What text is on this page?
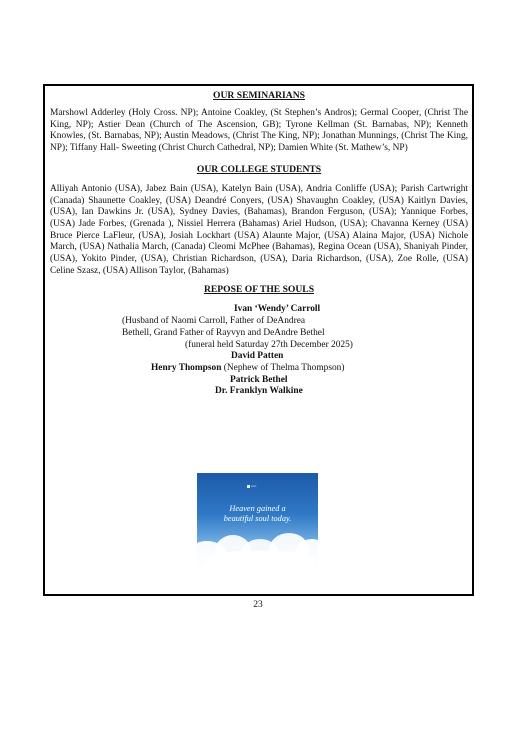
OUR SEMINARIANS

Marshowl Adderley (Holy Cross. NP); Antoine Coakley, (St Stephen’s Andros); Germal Cooper, (Christ The King, NP); Astier Dean (Church of The Ascension, GB); Tyrone Kellman (St. Barnabas, NP); Kenneth Knowles, (St. Barnabas, NP); Austin Meadows, (Christ The King, NP); Jonathan Munnings, (Christ The King, NP); Tiffany Hall- Sweeting (Christ Church Cathedral, NP); Damien White (St. Mathew’s, NP)

OUR COLLEGE STUDENTS

Alliyah Antonio (USA), Jabez Bain (USA), Katelyn Bain (USA), Andria Conliffe (USA); Parish Cartwright (Canada) Shaunette Coakley, (USA) Deandré Conyers, (USA) Shavaughn Coakley, (USA) Kaitlyn Davies, (USA), Ian Dawkins Jr. (USA), Sydney Davies, (Bahamas), Brandon Ferguson, (USA); Yannique Forbes, (USA) Jade Forbes, (Grenada ), Nissiel Herrera (Bahamas) Ariel Hudson, (USA); Chavanna Kerney (USA) Bruce Pierce LaFleur, (USA), Josiah Lockhart (USA) Alaunte Major, (USA) Alaina Major, (USA) Nichole March, (USA) Nathalia March, (Canada) Cleomi McPhee (Bahamas), Regina Ocean (USA), Shaniyah Pinder, (USA), Yokito Pinder, (USA), Christian Richardson, (USA), Daria Richardson, (USA), Zoe Rolle, (USA) Celine Szasz, (USA) Allison Taylor, (Bahamas)

REPOSE OF THE SOULS

Ivan ‘Wendy’ Carroll
(Husband of Naomi Carroll, Father of DeAndrea
Bethell, Grand Father of Rayvyn and DeAndre Bethel
(funeral held Saturday 27th December 2025)
David Patten
Henry Thompson (Nephew of Thelma Thompson)
Patrick Bethel
Dr. Franklyn Walkine
▪▪▪▪▪
Heaven gained a
beautiful soul today.
23
